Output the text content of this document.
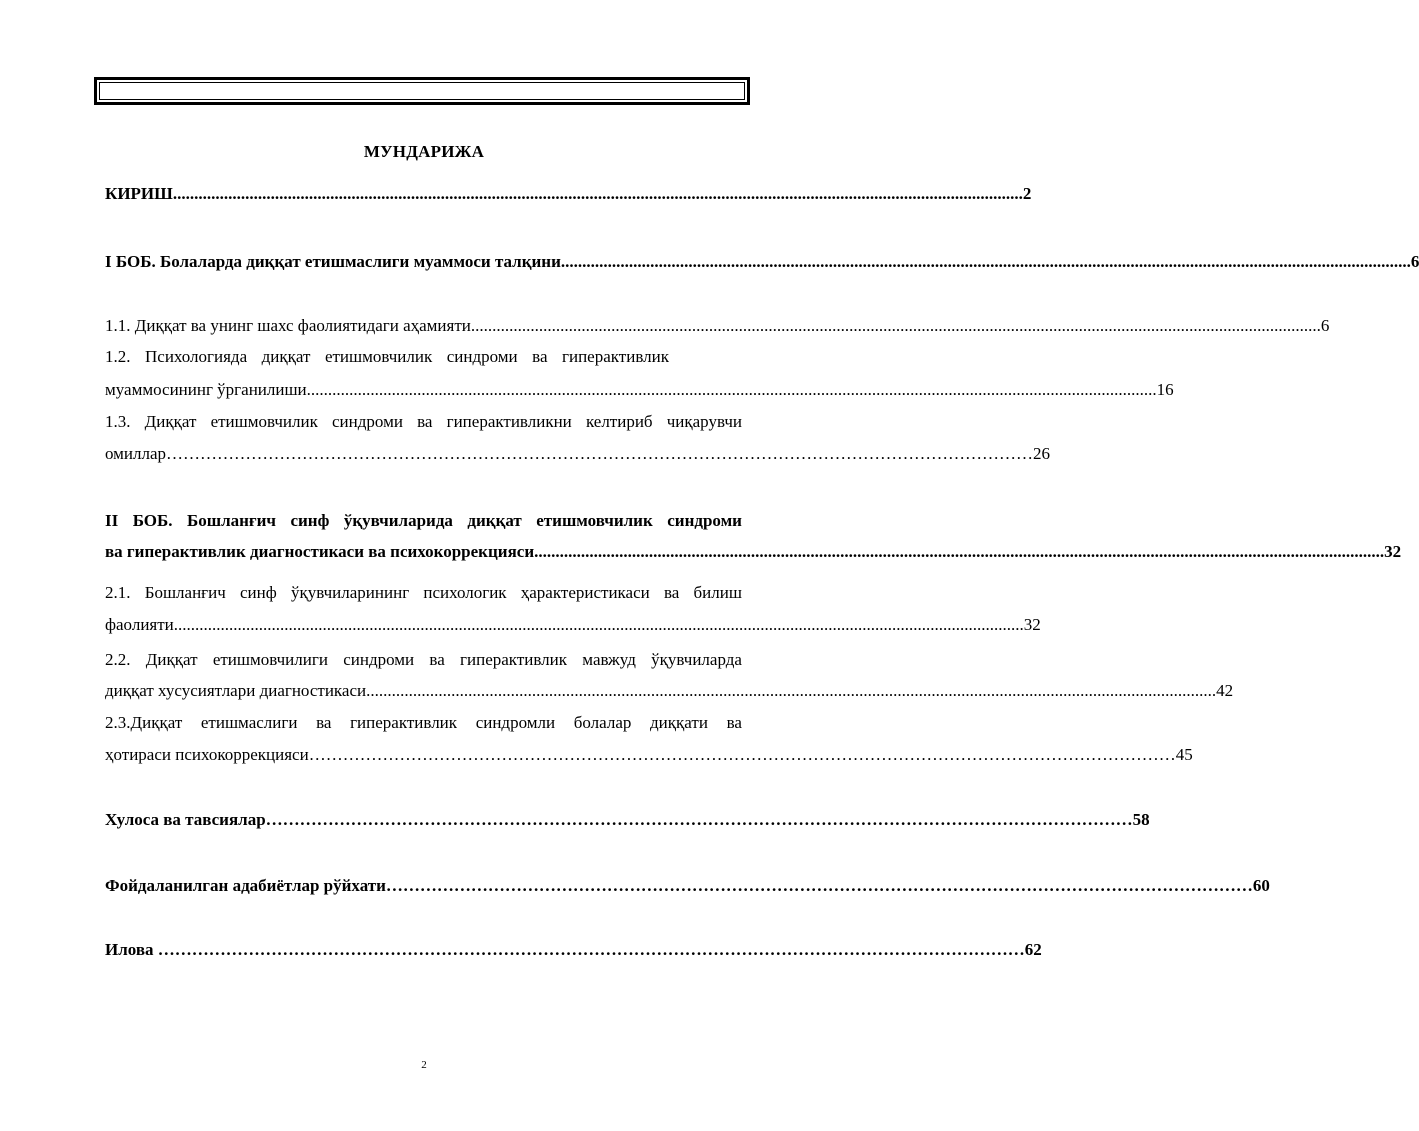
МУНДАРИЖА
КИРИШ ........................................................................................................................................................................................................ 2
I БОБ. Болаларда диққат етишмаслиги муаммоси талқини ........................................................................................................................................................................................................ 6
1.1. Диққат ва унинг шахс фаолиятидаги аҳамияти ........................................................................................................................................................................................................ 6
1.2. Психологияда диққат етишмовчилик синдроми ва гиперактивлик
муаммосининг ўрганилиши ........................................................................................................................................................................................................ 16
1.3. Диққат етишмовчилик синдроми ва гиперактивликни келтириб чиқарувчи
омиллар ……………………………………………………………………………………………………………………………………… 26
II БОБ. Бошланғич синф ўқувчиларида диққат етишмовчилик синдроми
ва гиперактивлик диагностикаси ва психокоррекцияси ........................................................................................................................................................................................................ 32
2.1. Бошланғич синф ўқувчиларининг психологик ҳарактеристикаси ва билиш
фаолияти ........................................................................................................................................................................................................ 32
2.2. Диққат етишмовчилиги синдроми ва гиперактивлик мавжуд ўқувчиларда
диққат хусусиятлари диагностикаси ........................................................................................................................................................................................................ 42
2.3.Диққат етишмаслиги ва гиперактивлик синдромли болалар диққати ва
ҳотираси психокоррекцияси ……………………………………………………………………………………………………………………………………… 45
Хулоса ва тавсиялар ……………………………………………………………………………………………………………………………………… 58
Фойдаланилган адабиётлар рўйхати ……………………………………………………………………………………………………………………………………… 60
Илова ……………………………………………………………………………………………………………………………………… 62
2
